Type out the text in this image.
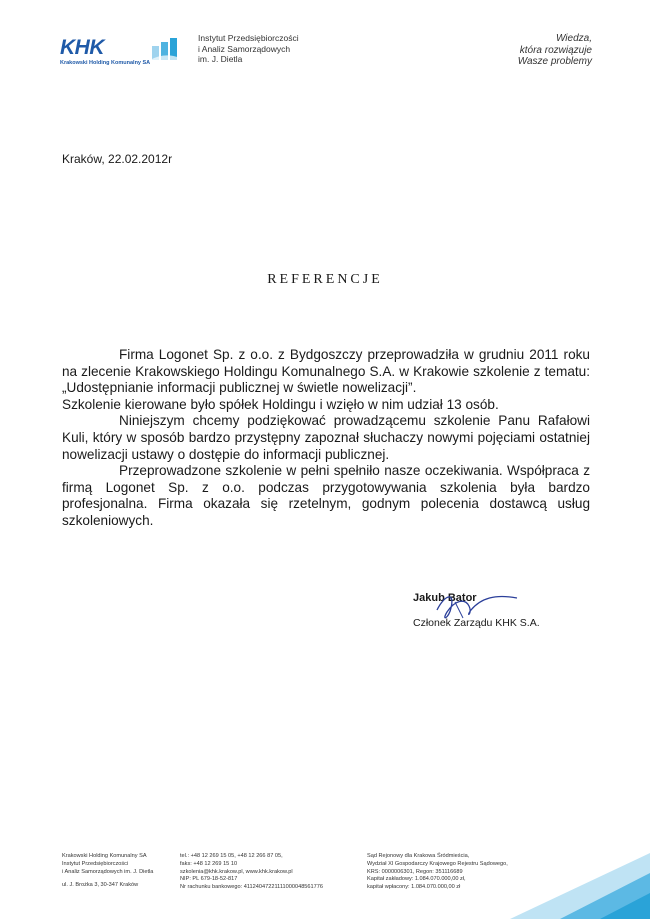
KHK
Krakowski Holding Komunalny SA
Instytut Przedsiębiorczości
i Analiz Samorządowych
im. J. Dietla
Wiedza,
która rozwiązuje
Wasze problemy
Kraków, 22.02.2012r
REFERENCJE

Firma Logonet Sp. z o.o. z Bydgoszczy przeprowadziła w grudniu 2011 roku na zlecenie Krakowskiego Holdingu Komunalnego S.A. w Krakowie szkolenie z tematu: „Udostępnianie informacji publicznej w świetle nowelizacji”.

Szkolenie kierowane było spółek Holdingu i wzięło w nim udział 13 osób.

Niniejszym chcemy podziękować prowadzącemu szkolenie Panu Rafałowi Kuli, który w sposób bardzo przystępny zapoznał słuchaczy nowymi pojęciami ostatniej nowelizacji ustawy o dostępie do informacji publicznej.

Przeprowadzone szkolenie w pełni spełniło nasze oczekiwania. Współpraca z firmą Logonet Sp. z o.o. podczas przygotowywania szkolenia była bardzo profesjonalna. Firma okazała się rzetelnym, godnym polecenia dostawcą usług szkoleniowych.

Jakub Bator
Członek Zarządu KHK S.A.
Krakowski Holding Komunalny SA
Instytut Przedsiębiorczości
i Analiz Samorządowych im. J. Dietla
ul. J. Brożka 3, 30-347 Kraków
tel.: +48 12 269 15 05, +48 12 266 87 05,
faks: +48 12 269 15 10
szkolenia@khk.krakow.pl, www.khk.krakow.pl
NIP: PL 679-18-52-817
Nr rachunku bankowego: 41124047221111000048561776
Sąd Rejonowy dla Krakowa Śródmieścia,
Wydział XI Gospodarczy Krajowego Rejestru Sądowego,
KRS: 0000006301, Regon: 351116689
Kapitał zakładowy: 1.084.070.000,00 zł,
kapitał wpłacony: 1.084.070.000,00 zł
